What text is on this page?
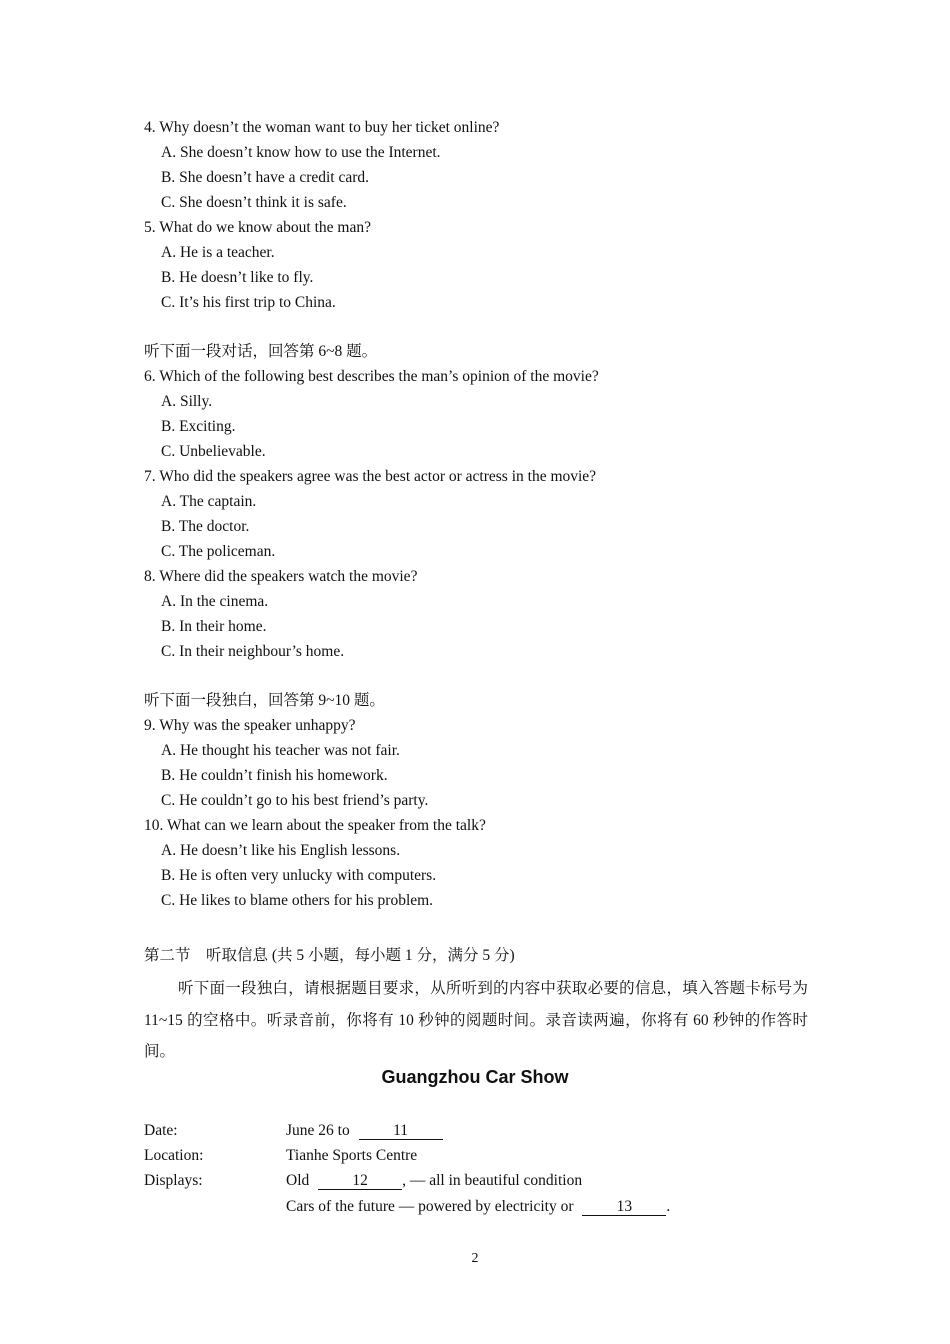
4. Why doesn’t the woman want to buy her ticket online?
A. She doesn’t know how to use the Internet.
B. She doesn’t have a credit card.
C. She doesn’t think it is safe.
5. What do we know about the man?
A. He is a teacher.
B. He doesn’t like to fly.
C. It’s his first trip to China.
听下面一段对话，回答第 6~8 题。
6. Which of the following best describes the man’s opinion of the movie?
A. Silly.
B. Exciting.
C. Unbelievable.
7. Who did the speakers agree was the best actor or actress in the movie?
A. The captain.
B. The doctor.
C. The policeman.
8. Where did the speakers watch the movie?
A. In the cinema.
B. In their home.
C. In their neighbour’s home.
听下面一段独白，回答第 9~10 题。
9. Why was the speaker unhappy?
A. He thought his teacher was not fair.
B. He couldn’t finish his homework.
C. He couldn’t go to his best friend’s party.
10. What can we learn about the speaker from the talk?
A. He doesn’t like his English lessons.
B. He is often very unlucky with computers.
C. He likes to blame others for his problem.
第二节　听取信息 (共 5 小题，每小题 1 分，满分 5 分)
听下面一段独白，请根据题目要求，从所听到的内容中获取必要的信息，填入答题卡标号为 11~15 的空格中。听录音前，你将有 10 秒钟的阅题时间。录音读两遍，你将有 60 秒钟的作答时间。
Guangzhou Car Show
Date:	June 26 to	11
Location:	Tianhe Sports Centre
Displays:	Old	12 , — all in beautiful condition
Cars of the future — powered by electricity or	13 .
2
